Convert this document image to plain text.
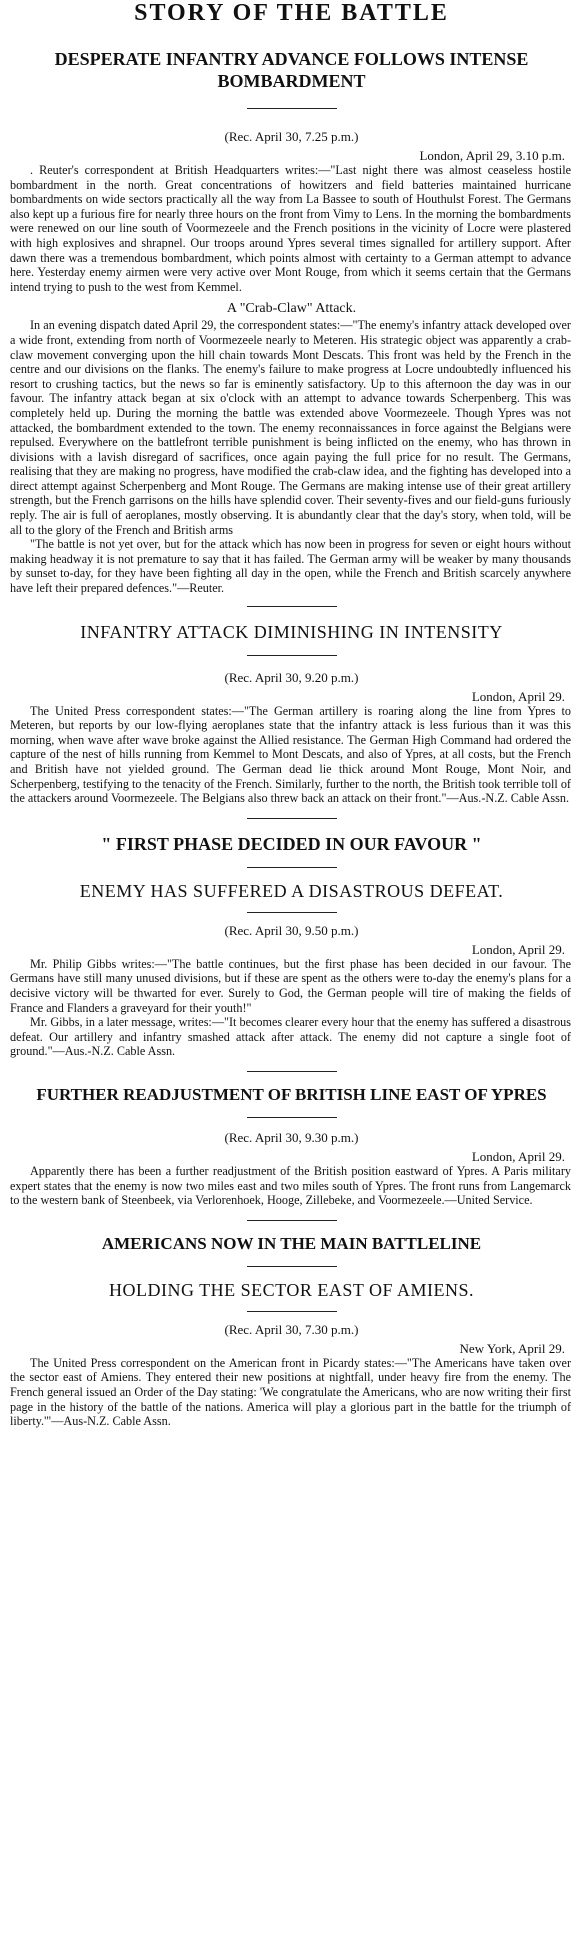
STORY OF THE BATTLE
DESPERATE INFANTRY ADVANCE FOLLOWS INTENSE BOMBARDMENT
(Rec. April 30, 7.25 p.m.)
London, April 29, 3.10 p.m.

. Reuter's correspondent at British Headquarters writes:—"Last night there was almost ceaseless hostile bombardment in the north. Great concentrations of howitzers and field batteries maintained hurricane bombardments on wide sectors practically all the way from La Bassee to south of Houthulst Forest. The Germans also kept up a furious fire for nearly three hours on the front from Vimy to Lens. In the morning the bombardments were renewed on our line south of Voormezeele and the French positions in the vicinity of Locre were plastered with high explosives and shrapnel. Our troops around Ypres several times signalled for artillery support. After dawn there was a tremendous bombardment, which points almost with certainty to a German attempt to advance here. Yesterday enemy airmen were very active over Mont Rouge, from which it seems certain that the Germans intend trying to push to the west from Kemmel.

A "Crab-Claw" Attack.

In an evening dispatch dated April 29, the correspondent states:—"The enemy's infantry attack developed over a wide front, extending from north of Voormezeele nearly to Meteren. His strategic object was apparently a crab-claw movement converging upon the hill chain towards Mont Descats. This front was held by the French in the centre and our divisions on the flanks. The enemy's failure to make progress at Locre undoubtedly influenced his resort to crushing tactics, but the news so far is eminently satisfactory. Up to this afternoon the day was in our favour. The infantry attack began at six o'clock with an attempt to advance towards Scherpenberg. This was completely held up. During the morning the battle was extended above Voormezeele. Though Ypres was not attacked, the bombardment extended to the town. The enemy reconnaissances in force against the Belgians were repulsed. Everywhere on the battlefront terrible punishment is being inflicted on the enemy, who has thrown in divisions with a lavish disregard of sacrifices, once again paying the full price for no result. The Germans, realising that they are making no progress, have modified the crab-claw idea, and the fighting has developed into a direct attempt against Scherpenberg and Mont Rouge. The Germans are making intense use of their great artillery strength, but the French garrisons on the hills have splendid cover. Their seventy-fives and our field-guns furiously reply. The air is full of aeroplanes, mostly observing. It is abundantly clear that the day's story, when told, will be all to the glory of the French and British arms

"The battle is not yet over, but for the attack which has now been in progress for seven or eight hours without making headway it is not premature to say that it has failed. The German army will be weaker by many thousands by sunset to-day, for they have been fighting all day in the open, while the French and British scarcely anywhere have left their prepared defences."—Reuter.

INFANTRY ATTACK DIMINISHING IN INTENSITY
(Rec. April 30, 9.20 p.m.)
London, April 29.

The United Press correspondent states:—"The German artillery is roaring along the line from Ypres to Meteren, but reports by our low-flying aeroplanes state that the infantry attack is less furious than it was this morning, when wave after wave broke against the Allied resistance. The German High Command had ordered the capture of the nest of hills running from Kemmel to Mont Descats, and also of Ypres, at all costs, but the French and British have not yielded ground. The German dead lie thick around Mont Rouge, Mont Noir, and Scherpenberg, testifying to the tenacity of the French. Similarly, further to the north, the British took terrible toll of the attackers around Voormezeele. The Belgians also threw back an attack on their front."—Aus.-N.Z. Cable Assn.

" FIRST PHASE DECIDED IN OUR FAVOUR "
ENEMY HAS SUFFERED A DISASTROUS DEFEAT.
(Rec. April 30, 9.50 p.m.)
London, April 29.

Mr. Philip Gibbs writes:—"The battle continues, but the first phase has been decided in our favour. The Germans have still many unused divisions, but if these are spent as the others were to-day the enemy's plans for a decisive victory will be thwarted for ever. Surely to God, the German people will tire of making the fields of France and Flanders a graveyard for their youth!"

Mr. Gibbs, in a later message, writes:—"It becomes clearer every hour that the enemy has suffered a disastrous defeat. Our artillery and infantry smashed attack after attack. The enemy did not capture a single foot of ground."—Aus.-N.Z. Cable Assn.

FURTHER READJUSTMENT OF BRITISH LINE EAST OF YPRES
(Rec. April 30, 9.30 p.m.)
London, April 29.

Apparently there has been a further readjustment of the British position eastward of Ypres. A Paris military expert states that the enemy is now two miles east and two miles south of Ypres. The front runs from Langemarck to the western bank of Steenbeek, via Verlorenhoek, Hooge, Zillebeke, and Voormezeele.—United Service.

AMERICANS NOW IN THE MAIN BATTLELINE
HOLDING THE SECTOR EAST OF AMIENS.
(Rec. April 30, 7.30 p.m.)
New York, April 29.

The United Press correspondent on the American front in Picardy states:—"The Americans have taken over the sector east of Amiens. They entered their new positions at nightfall, under heavy fire from the enemy. The French general issued an Order of the Day stating: 'We congratulate the Americans, who are now writing their first page in the history of the battle of the nations. America will play a glorious part in the battle for the triumph of liberty.'"—Aus-N.Z. Cable Assn.
